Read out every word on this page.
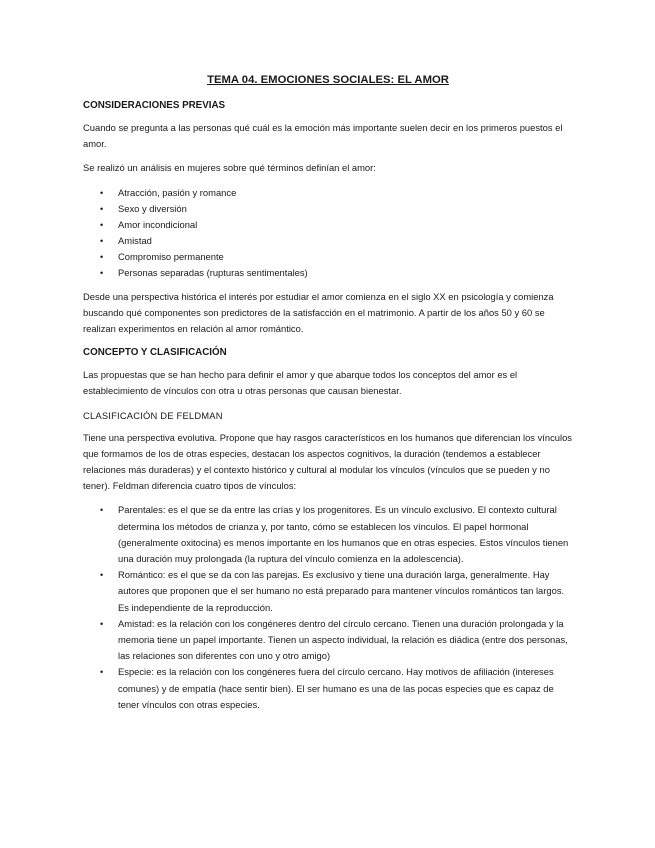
TEMA 04. EMOCIONES SOCIALES: EL AMOR
CONSIDERACIONES PREVIAS

Cuando se pregunta a las personas qué cuál es la emoción más importante suelen decir en los primeros puestos el amor.

Se realizó un análisis en mujeres sobre qué términos definían el amor:

• Atracción, pasión y romance
• Sexo y diversión
• Amor incondicional
• Amistad
• Compromiso permanente
• Personas separadas (rupturas sentimentales)

Desde una perspectiva histórica el interés por estudiar el amor comienza en el siglo XX en psicología y comienza buscando qué componentes son predictores de la satisfacción en el matrimonio. A partir de los años 50 y 60 se realizan experimentos en relación al amor romántico.

CONCEPTO Y CLASIFICACIÓN

Las propuestas que se han hecho para definir el amor y que abarque todos los conceptos del amor es el establecimiento de vínculos con otra u otras personas que causan bienestar.

CLASIFICACIÓN DE FELDMAN

Tiene una perspectiva evolutiva. Propone que hay rasgos característicos en los humanos que diferencian los vínculos que formamos de los de otras especies, destacan los aspectos cognitivos, la duración (tendemos a establecer relaciones más duraderas) y el contexto histórico y cultural al modular los vínculos (vínculos que se pueden y no tener). Feldman diferencia cuatro tipos de vínculos:

• Parentales: es el que se da entre las crías y los progenitores. Es un vínculo exclusivo. El contexto cultural determina los métodos de crianza y, por tanto, cómo se establecen los vínculos. El papel hormonal (generalmente oxitocina) es menos importante en los humanos que en otras especies. Estos vínculos tienen una duración muy prolongada (la ruptura del vínculo comienza en la adolescencia).
• Romántico: es el que se da con las parejas. Es exclusivo y tiene una duración larga, generalmente. Hay autores que proponen que el ser humano no está preparado para mantener vínculos románticos tan largos. Es independiente de la reproducción.
• Amistad: es la relación con los congéneres dentro del círculo cercano. Tienen una duración prolongada y la memoria tiene un papel importante. Tienen un aspecto individual, la relación es diádica (entre dos personas, las relaciones son diferentes con uno y otro amigo)
• Especie: es la relación con los congéneres fuera del círculo cercano. Hay motivos de afiliación (intereses comunes) y de empatía (hace sentir bien). El ser humano es una de las pocas especies que es capaz de tener vínculos con otras especies.
